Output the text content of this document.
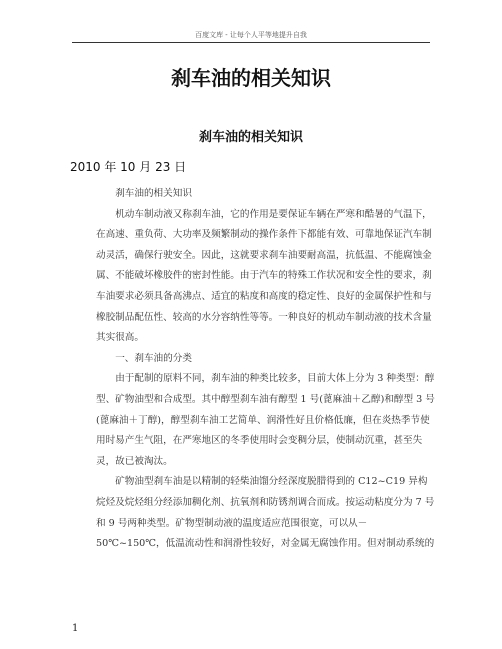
百度文库 - 让每个人平等地提升自我
刹车油的相关知识
刹车油的相关知识
2010 年 10 月 23 日

刹车油的相关知识

机动车制动液又称刹车油，它的作用是要保证车辆在严寒和酷暑的气温下，在高速、重负荷、大功率及频繁制动的操作条件下都能有效、可靠地保证汽车制动灵活，确保行驶安全。因此，这就要求刹车油要耐高温，抗低温、不能腐蚀金属、不能破坏橡胶件的密封性能。由于汽车的特殊工作状况和安全性的要求，刹车油要求必须具备高沸点、适宜的粘度和高度的稳定性、良好的金属保护性和与橡胶制品配伍性、较高的水分容纳性等等。一种良好的机动车制动液的技术含量其实很高。

一、刹车油的分类

由于配制的原料不同，刹车油的种类比较多，目前大体上分为 3 种类型：醇型、矿物油型和合成型。其中醇型刹车油有醇型 1 号(蓖麻油＋乙醇)和醇型 3 号(蓖麻油＋丁醇)，醇型刹车油工艺简单、润滑性好且价格低廉，但在炎热季节使用时易产生气阻，在严寒地区的冬季使用时会变稠分层，使制动沉重，甚至失灵，故已被淘汰。

矿物油型刹车油是以精制的轻柴油馏分经深度脱腊得到的 C12~C19 异构烷烃及烷烃组分经添加稠化剂、抗氧剂和防锈剂调合而成。按运动粘度分为 7 号和 9 号两种类型。矿物型制动液的温度适应范围很宽，可以从－

50℃~150℃，低温流动性和润滑性较好，对金属无腐蚀作用。但对制动系统的

1
